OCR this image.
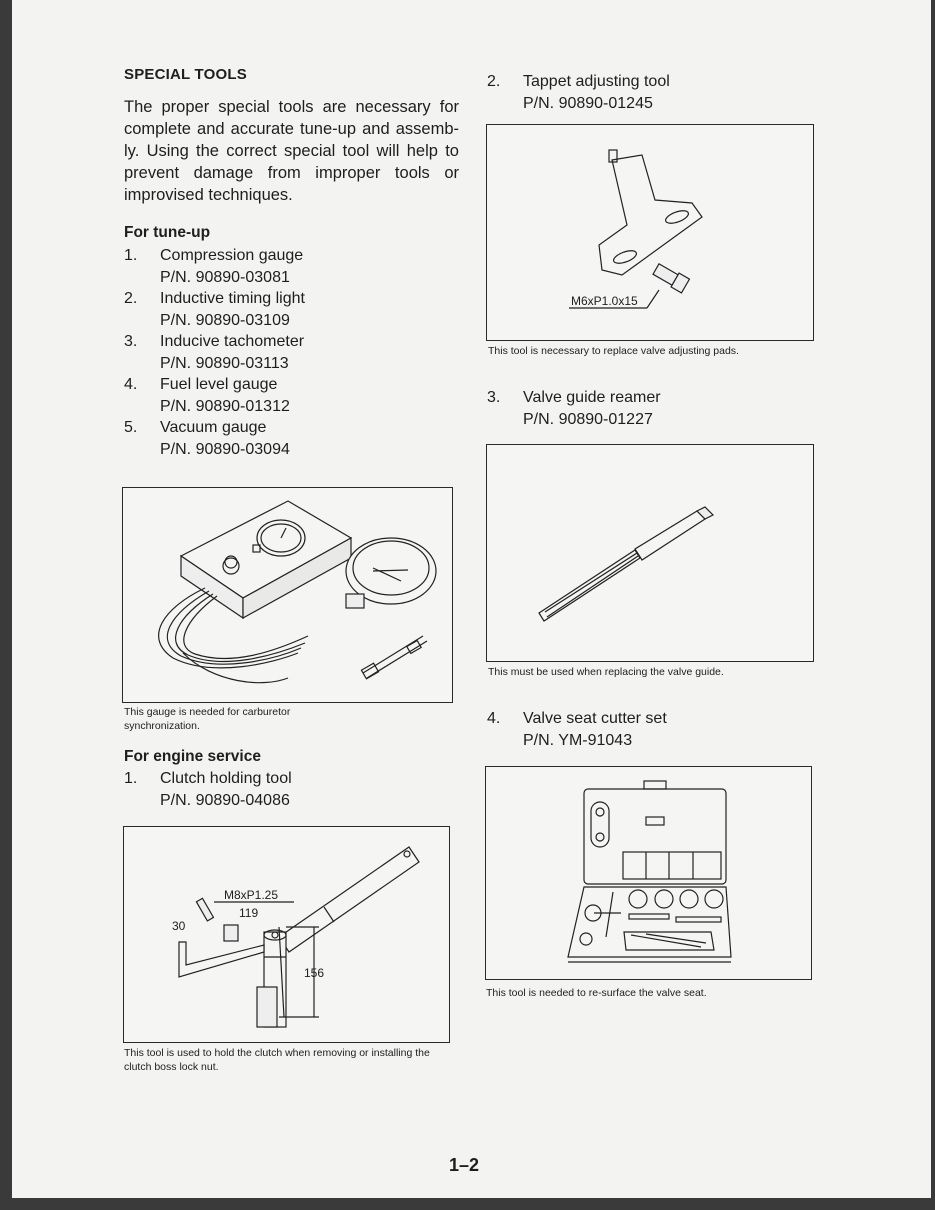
SPECIAL TOOLS
The proper special tools are necessary for complete and accurate tune-up and assemb-ly. Using the correct special tool will help to prevent damage from improper tools or improvised techniques.
For tune-up
1. Compression gauge
P/N. 90890-03081
2. Inductive timing light
P/N. 90890-03109
3. Inducive tachometer
P/N. 90890-03113
4. Fuel level gauge
P/N. 90890-01312
5. Vacuum gauge
P/N. 90890-03094
This gauge is needed for carburetor synchronization.
For engine service
1. Clutch holding tool
P/N. 90890-04086
M8xP1.25
30
119
156
This tool is used to hold the clutch when removing or installing the clutch boss lock nut.
2. Tappet adjusting tool
P/N. 90890-01245
M6xP1.0x15
This tool is necessary to replace valve adjusting pads.
3. Valve guide reamer
P/N. 90890-01227
This must be used when replacing the valve guide.
4. Valve seat cutter set
P/N. YM-91043
This tool is needed to re-surface the valve seat.
1–2
